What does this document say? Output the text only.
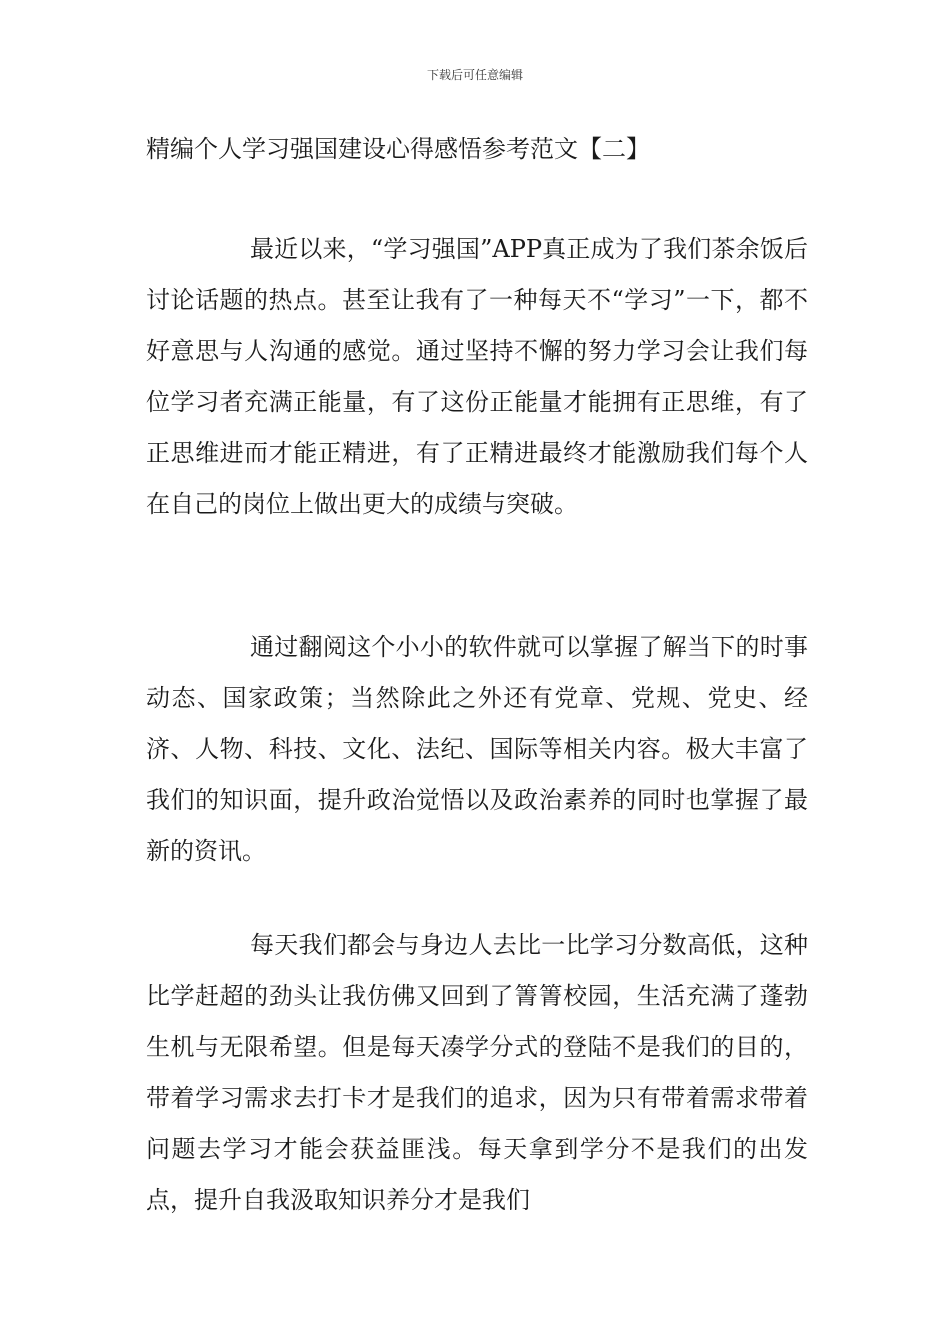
下载后可任意编辑
精编个人学习强国建设心得感悟参考范文【二】

最近以来，“学习强国”APP真正成为了我们茶余饭后讨论话题的热点。甚至让我有了一种每天不“学习”一下，都不好意思与人沟通的感觉。通过坚持不懈的努力学习会让我们每位学习者充满正能量，有了这份正能量才能拥有正思维，有了正思维进而才能正精进，有了正精进最终才能激励我们每个人在自己的岗位上做出更大的成绩与突破。

通过翻阅这个小小的软件就可以掌握了解当下的时事动态、国家政策；当然除此之外还有党章、党规、党史、经济、人物、科技、文化、法纪、国际等相关内容。极大丰富了我们的知识面，提升政治觉悟以及政治素养的同时也掌握了最新的资讯。

每天我们都会与身边人去比一比学习分数高低，这种比学赶超的劲头让我仿佛又回到了箐箐校园，生活充满了蓬勃生机与无限希望。但是每天凑学分式的登陆不是我们的目的，带着学习需求去打卡才是我们的追求，因为只有带着需求带着问题去学习才能会获益匪浅。每天拿到学分不是我们的出发点，提升自我汲取知识养分才是我们
